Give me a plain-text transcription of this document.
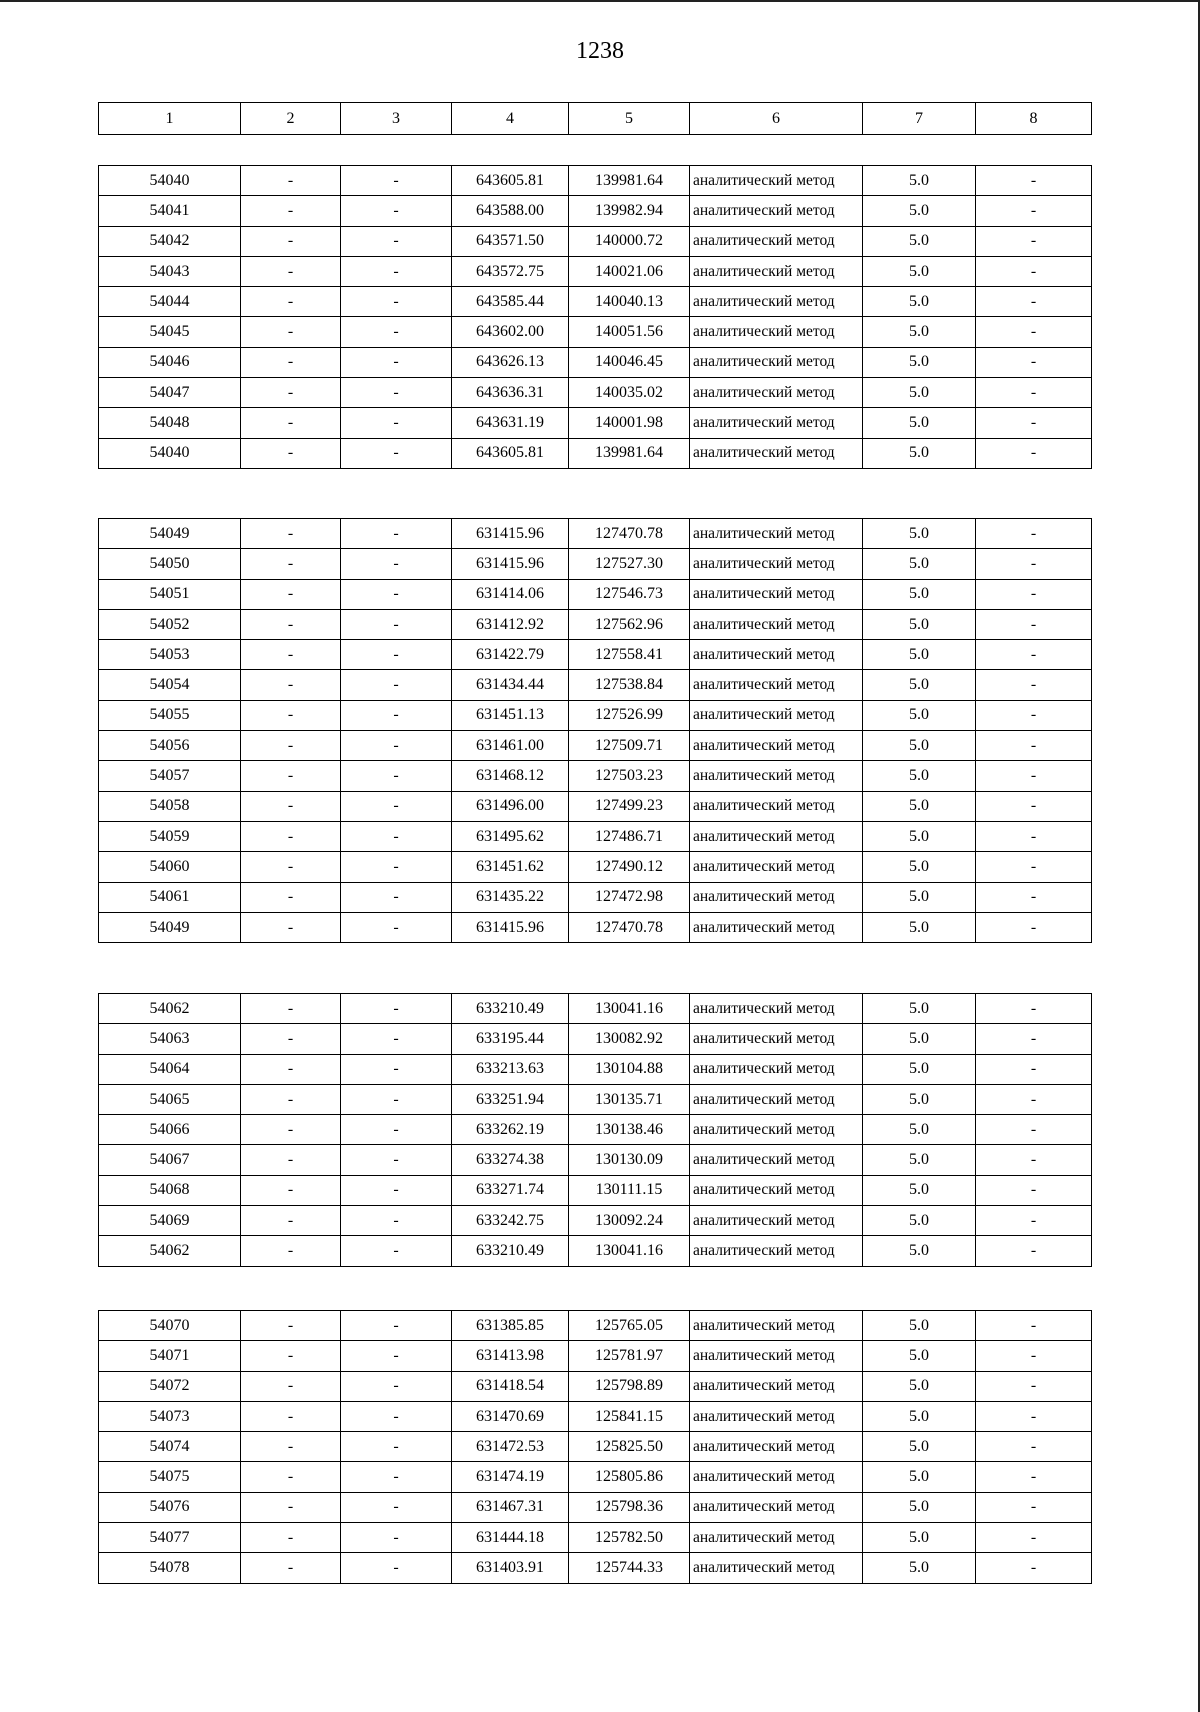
1238
1	2	3	4	5	6	7	8
54040	-	-	643605.81	139981.64	аналитический метод	5.0	-
54041	-	-	643588.00	139982.94	аналитический метод	5.0	-
54042	-	-	643571.50	140000.72	аналитический метод	5.0	-
54043	-	-	643572.75	140021.06	аналитический метод	5.0	-
54044	-	-	643585.44	140040.13	аналитический метод	5.0	-
54045	-	-	643602.00	140051.56	аналитический метод	5.0	-
54046	-	-	643626.13	140046.45	аналитический метод	5.0	-
54047	-	-	643636.31	140035.02	аналитический метод	5.0	-
54048	-	-	643631.19	140001.98	аналитический метод	5.0	-
54040	-	-	643605.81	139981.64	аналитический метод	5.0	-
54049	-	-	631415.96	127470.78	аналитический метод	5.0	-
54050	-	-	631415.96	127527.30	аналитический метод	5.0	-
54051	-	-	631414.06	127546.73	аналитический метод	5.0	-
54052	-	-	631412.92	127562.96	аналитический метод	5.0	-
54053	-	-	631422.79	127558.41	аналитический метод	5.0	-
54054	-	-	631434.44	127538.84	аналитический метод	5.0	-
54055	-	-	631451.13	127526.99	аналитический метод	5.0	-
54056	-	-	631461.00	127509.71	аналитический метод	5.0	-
54057	-	-	631468.12	127503.23	аналитический метод	5.0	-
54058	-	-	631496.00	127499.23	аналитический метод	5.0	-
54059	-	-	631495.62	127486.71	аналитический метод	5.0	-
54060	-	-	631451.62	127490.12	аналитический метод	5.0	-
54061	-	-	631435.22	127472.98	аналитический метод	5.0	-
54049	-	-	631415.96	127470.78	аналитический метод	5.0	-
54062	-	-	633210.49	130041.16	аналитический метод	5.0	-
54063	-	-	633195.44	130082.92	аналитический метод	5.0	-
54064	-	-	633213.63	130104.88	аналитический метод	5.0	-
54065	-	-	633251.94	130135.71	аналитический метод	5.0	-
54066	-	-	633262.19	130138.46	аналитический метод	5.0	-
54067	-	-	633274.38	130130.09	аналитический метод	5.0	-
54068	-	-	633271.74	130111.15	аналитический метод	5.0	-
54069	-	-	633242.75	130092.24	аналитический метод	5.0	-
54062	-	-	633210.49	130041.16	аналитический метод	5.0	-
54070	-	-	631385.85	125765.05	аналитический метод	5.0	-
54071	-	-	631413.98	125781.97	аналитический метод	5.0	-
54072	-	-	631418.54	125798.89	аналитический метод	5.0	-
54073	-	-	631470.69	125841.15	аналитический метод	5.0	-
54074	-	-	631472.53	125825.50	аналитический метод	5.0	-
54075	-	-	631474.19	125805.86	аналитический метод	5.0	-
54076	-	-	631467.31	125798.36	аналитический метод	5.0	-
54077	-	-	631444.18	125782.50	аналитический метод	5.0	-
54078	-	-	631403.91	125744.33	аналитический метод	5.0	-
